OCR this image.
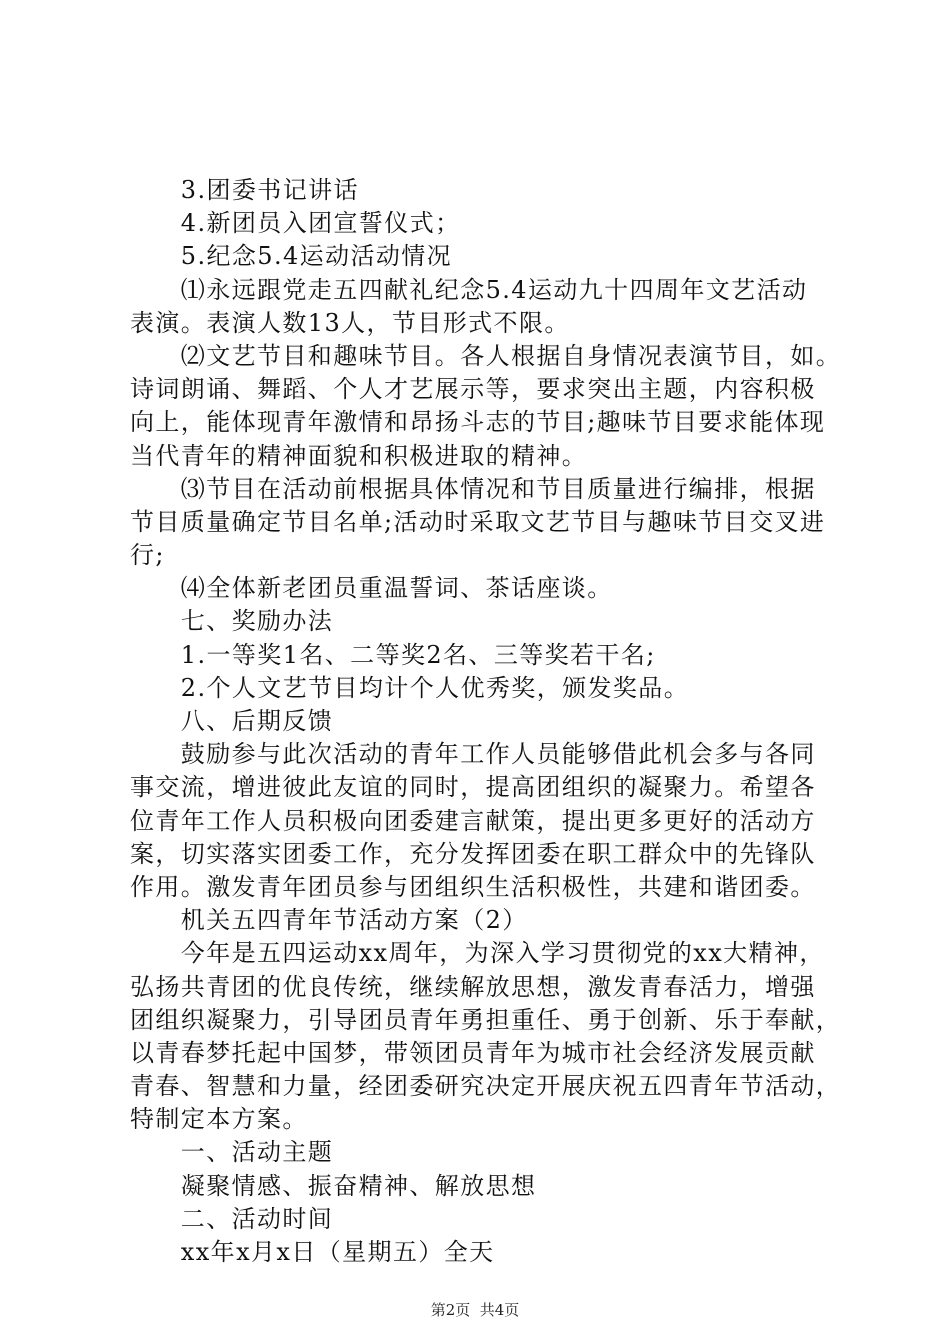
　　3.团委书记讲话
　　4.新团员入团宣誓仪式；
　　5.纪念5.4运动活动情况
　　⑴永远跟党走五四献礼纪念5.4运动九十四周年文艺活动
表演。表演人数13人，节目形式不限。
　　⑵文艺节目和趣味节目。各人根据自身情况表演节目，如。
诗词朗诵、舞蹈、个人才艺展示等，要求突出主题，内容积极
向上，能体现青年激情和昂扬斗志的节目;趣味节目要求能体现
当代青年的精神面貌和积极进取的精神。
　　⑶节目在活动前根据具体情况和节目质量进行编排，根据
节目质量确定节目名单;活动时采取文艺节目与趣味节目交叉进
行;
　　⑷全体新老团员重温誓词、茶话座谈。
　　七、奖励办法
　　1.一等奖1名、二等奖2名、三等奖若干名;
　　2.个人文艺节目均计个人优秀奖，颁发奖品。
　　八、后期反馈
　　鼓励参与此次活动的青年工作人员能够借此机会多与各同
事交流，增进彼此友谊的同时，提高团组织的凝聚力。希望各
位青年工作人员积极向团委建言献策，提出更多更好的活动方
案，切实落实团委工作，充分发挥团委在职工群众中的先锋队
作用。激发青年团员参与团组织生活积极性，共建和谐团委。
　　机关五四青年节活动方案（2）
　　今年是五四运动xx周年，为深入学习贯彻党的xx大精神，
弘扬共青团的优良传统，继续解放思想，激发青春活力，增强
团组织凝聚力，引导团员青年勇担重任、勇于创新、乐于奉献，
以青春梦托起中国梦，带领团员青年为城市社会经济发展贡献
青春、智慧和力量，经团委研究决定开展庆祝五四青年节活动，
特制定本方案。
　　一、活动主题
　　凝聚情感、振奋精神、解放思想
　　二、活动时间
　　xx年x月x日（星期五）全天
第2页  共4页
